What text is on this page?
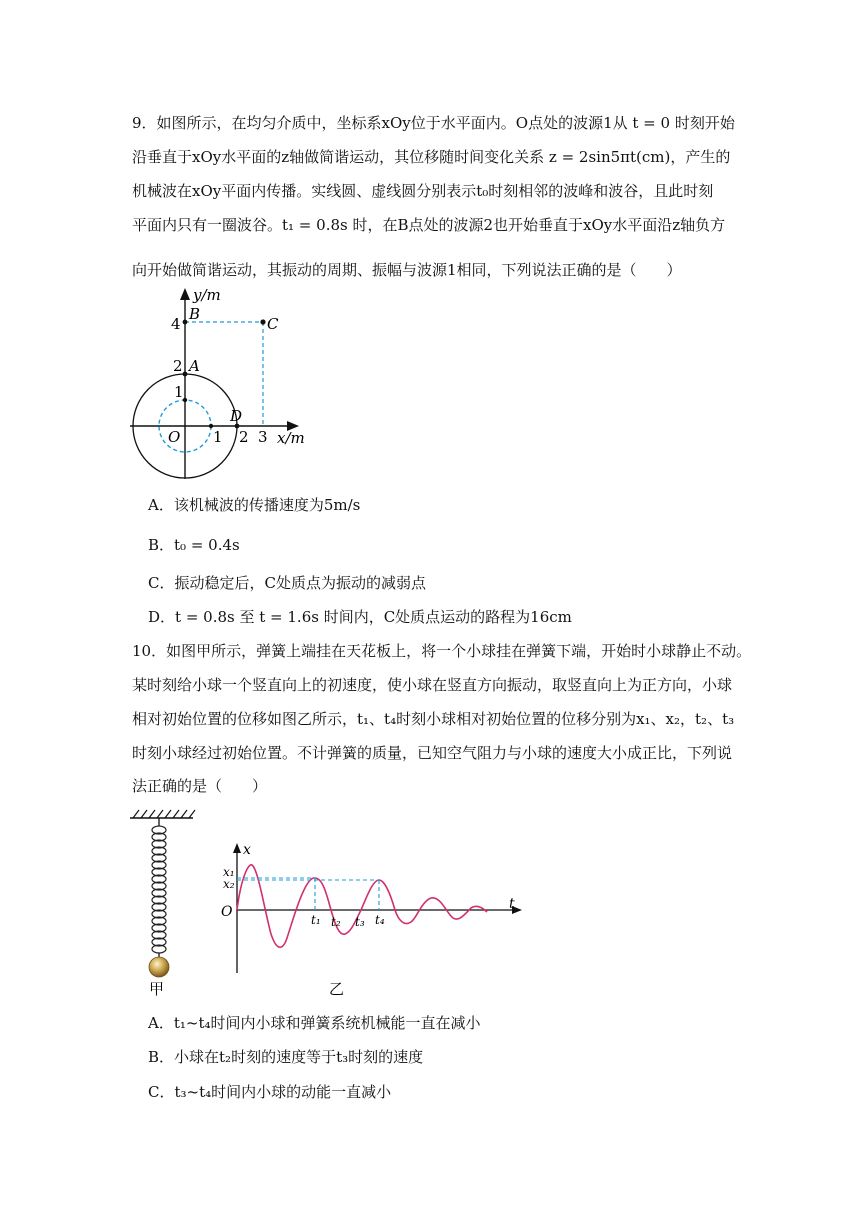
9．如图所示，在均匀介质中，坐标系xOy位于水平面内。O点处的波源1从 t = 0 时刻开始
沿垂直于xOy水平面的z轴做简谐运动，其位移随时间变化关系 z = 2sin5πt(cm)，产生的
机械波在xOy平面内传播。实线圆、虚线圆分别表示t₀时刻相邻的波峰和波谷，且此时刻
平面内只有一圈波谷。t₁ = 0.8s 时，在B点处的波源2也开始垂直于xOy水平面沿z轴负方
向开始做简谐运动，其振动的周期、振幅与波源1相同，下列说法正确的是（　　）
y/m
x/m
B
C
A
D
O
4
2
1
1 2 3
A．该机械波的传播速度为5m/s
B．t₀ = 0.4s
C．振动稳定后，C处质点为振动的减弱点
D．t = 0.8s 至 t = 1.6s 时间内，C处质点运动的路程为16cm
10．如图甲所示，弹簧上端挂在天花板上，将一个小球挂在弹簧下端，开始时小球静止不动。
某时刻给小球一个竖直向上的初速度，使小球在竖直方向振动，取竖直向上为正方向，小球
相对初始位置的位移如图乙所示，t₁、t₄时刻小球相对初始位置的位移分别为x₁、x₂，t₂、t₃
时刻小球经过初始位置。不计弹簧的质量，已知空气阻力与小球的速度大小成正比，下列说
法正确的是（　　）
甲
x
t
O
x₁
x₂
t₁ t₂ t₃ t₄
乙
A．t₁~t₄时间内小球和弹簧系统机械能一直在减小
B．小球在t₂时刻的速度等于t₃时刻的速度
C．t₃~t₄时间内小球的动能一直减小
